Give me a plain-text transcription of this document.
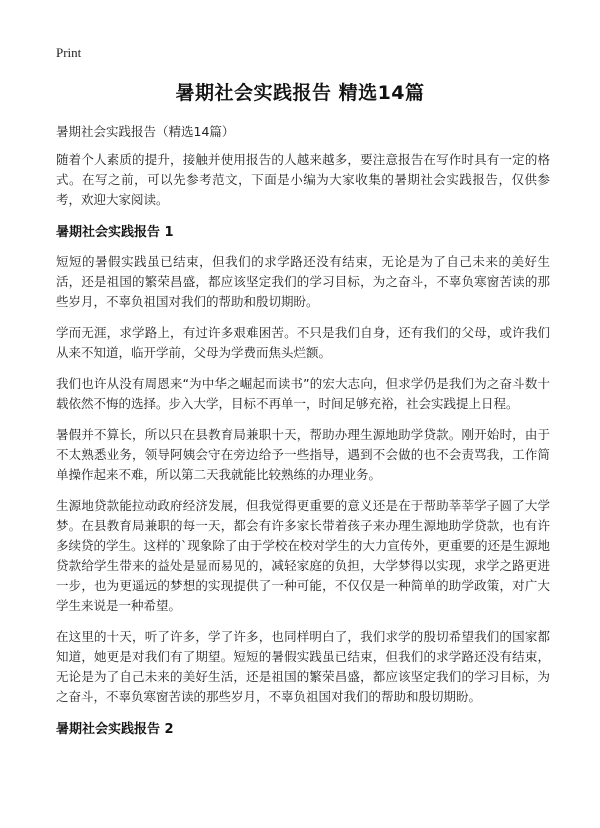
Print
暑期社会实践报告 精选14篇
暑期社会实践报告（精选14篇）

随着个人素质的提升，接触并使用报告的人越来越多，要注意报告在写作时具有一定的格式。在写之前，可以先参考范文，下面是小编为大家收集的暑期社会实践报告，仅供参考，欢迎大家阅读。

暑期社会实践报告 1

短短的暑假实践虽已结束，但我们的求学路还没有结束，无论是为了自己未来的美好生活，还是祖国的繁荣昌盛，都应该坚定我们的学习目标，为之奋斗，不辜负寒窗苦读的那些岁月，不辜负祖国对我们的帮助和殷切期盼。

学而无涯，求学路上，有过许多艰难困苦。不只是我们自身，还有我们的父母，或许我们从来不知道，临开学前，父母为学费而焦头烂额。

我们也许从没有周恩来“为中华之崛起而读书”的宏大志向，但求学仍是我们为之奋斗数十载依然不悔的选择。步入大学，目标不再单一，时间足够充裕，社会实践提上日程。

暑假并不算长，所以只在县教育局兼职十天，帮助办理生源地助学贷款。刚开始时，由于不太熟悉业务，领导阿姨会守在旁边给予一些指导，遇到不会做的也不会责骂我，工作简单操作起来不难，所以第二天我就能比较熟练的办理业务。

生源地贷款能拉动政府经济发展，但我觉得更重要的意义还是在于帮助莘莘学子圆了大学梦。在县教育局兼职的每一天，都会有许多家长带着孩子来办理生源地助学贷款，也有许多续贷的学生。这样的`现象除了由于学校在校对学生的大力宣传外，更重要的还是生源地贷款给学生带来的益处是显而易见的，减轻家庭的负担，大学梦得以实现，求学之路更进一步，也为更遥远的梦想的实现提供了一种可能，不仅仅是一种简单的助学政策，对广大学生来说是一种希望。

在这里的十天，听了许多，学了许多，也同样明白了，我们求学的殷切希望我们的国家都知道，她更是对我们有了期望。短短的暑假实践虽已结束，但我们的求学路还没有结束，无论是为了自己未来的美好生活，还是祖国的繁荣昌盛，都应该坚定我们的学习目标，为之奋斗，不辜负寒窗苦读的那些岁月，不辜负祖国对我们的帮助和殷切期盼。

暑期社会实践报告 2
